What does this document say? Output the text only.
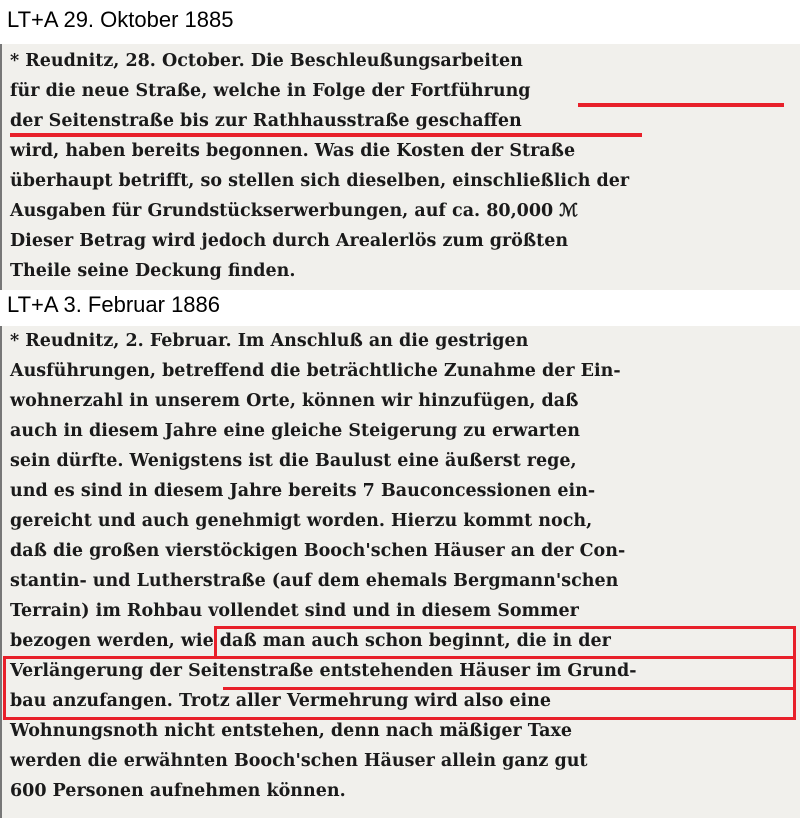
LT+A 29. Oktober 1885
* Reudnitz, 28. October. Die Beschleußungsarbeiten
für die neue Straße, welche in Folge der Fortführung
der Seitenstraße bis zur Rathhausstraße geschaffen
wird, haben bereits begonnen. Was die Kosten der Straße
überhaupt betrifft, so stellen sich dieselben, einschließlich der
Ausgaben für Grundstückserwerbungen, auf ca. 80,000 ℳ
Dieser Betrag wird jedoch durch Arealerlös zum größten
Theile seine Deckung finden.
LT+A 3. Februar 1886
* Reudnitz, 2. Februar. Im Anschluß an die gestrigen
Ausführungen, betreffend die beträchtliche Zunahme der Ein-
wohnerzahl in unserem Orte, können wir hinzufügen, daß
auch in diesem Jahre eine gleiche Steigerung zu erwarten
sein dürfte. Wenigstens ist die Baulust eine äußerst rege,
und es sind in diesem Jahre bereits 7 Bauconcessionen ein-
gereicht und auch genehmigt worden. Hierzu kommt noch,
daß die großen vierstöckigen Booch'schen Häuser an der Con-
stantin- und Lutherstraße (auf dem ehemals Bergmann'schen
Terrain) im Rohbau vollendet sind und in diesem Sommer
bezogen werden, wie daß man auch schon beginnt, die in der
Verlängerung der Seitenstraße entstehenden Häuser im Grund-
bau anzufangen. Trotz aller Vermehrung wird also eine
Wohnungsnoth nicht entstehen, denn nach mäßiger Taxe
werden die erwähnten Booch'schen Häuser allein ganz gut
600 Personen aufnehmen können.
